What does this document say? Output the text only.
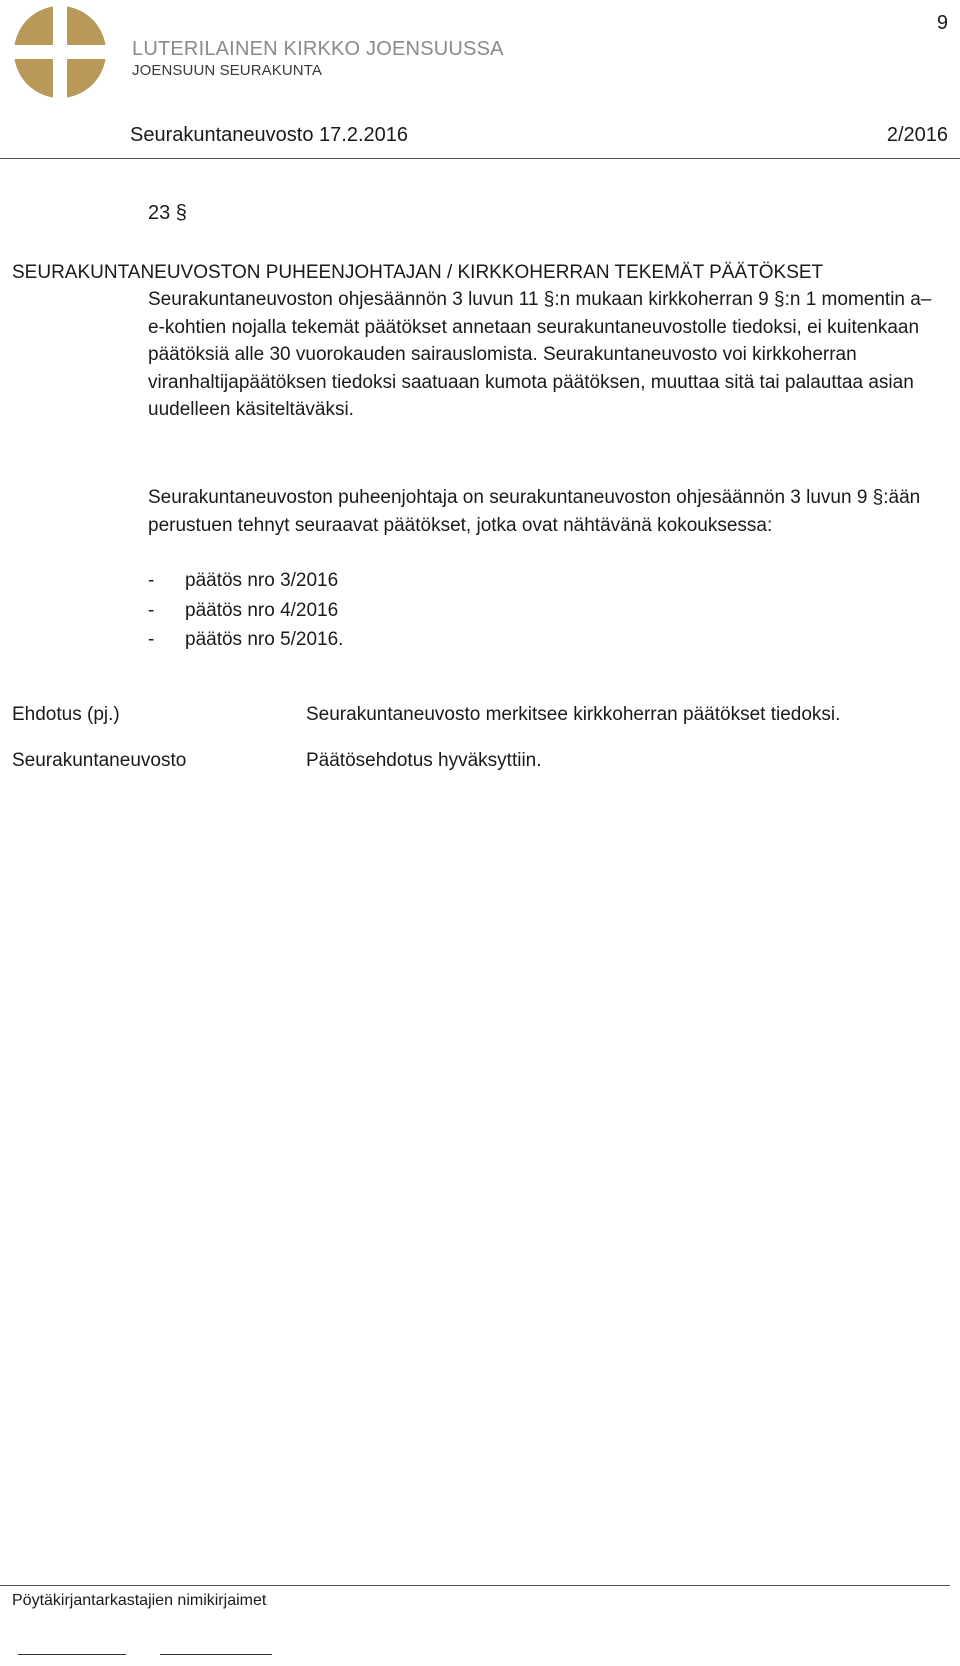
LUTERILAINEN KIRKKO JOENSUUSSA
JOENSUUN SEURAKUNTA
9
Seurakuntaneuvosto 17.2.2016	2/2016
23 §
SEURAKUNTANEUVOSTON PUHEENJOHTAJAN / KIRKKOHERRAN TEKEMÄT PÄÄTÖKSET

Seurakuntaneuvoston ohjesäännön 3 luvun 11 §:n mukaan kirkkoherran 9 §:n 1 momentin a–e-kohtien nojalla tekemät päätökset annetaan seurakuntaneuvostolle tiedoksi, ei kuitenkaan päätöksiä alle 30 vuorokauden sairauslomista. Seurakuntaneuvosto voi kirkkoherran viranhaltijapäätöksen tiedoksi saatuaan kumota päätöksen, muuttaa sitä tai palauttaa asian uudelleen käsiteltäväksi.

Seurakuntaneuvoston puheenjohtaja on seurakuntaneuvoston ohjesäännön 3 luvun 9 §:ään perustuen tehnyt seuraavat päätökset, jotka ovat nähtävänä kokouksessa:

- päätös nro 3/2016
- päätös nro 4/2016
- päätös nro 5/2016.
Ehdotus (pj.)	Seurakuntaneuvosto merkitsee kirkkoherran päätökset tiedoksi.
Seurakuntaneuvosto	Päätösehdotus hyväksyttiin.
Pöytäkirjantarkastajien nimikirjaimet
